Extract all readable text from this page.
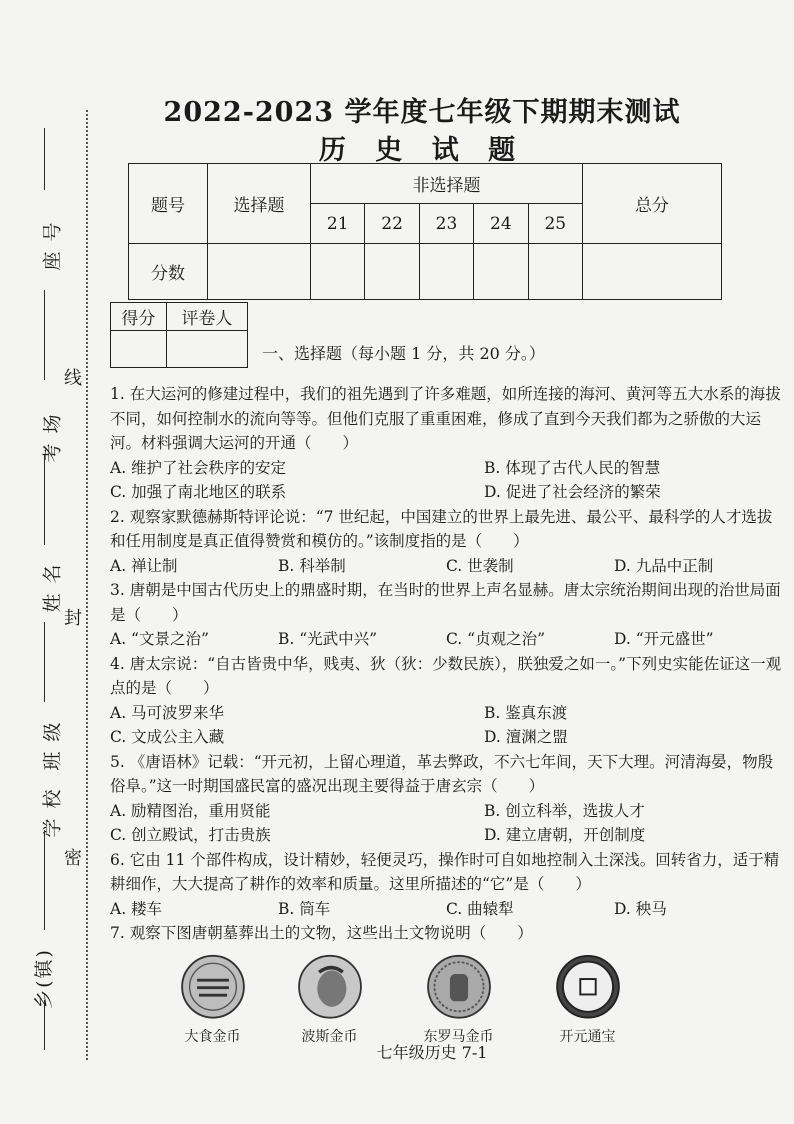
座号
考场
姓名
班级
学校
乡(镇)
线
封
密
2022-2023 学年度七年级下期期末测试
历 史 试 题
题号	选择题	非选择题					总分
		21	22	23	24	25	
分数							
得分	评卷人

一、选择题（每小题 1 分，共 20 分。）

1. 在大运河的修建过程中，我们的祖先遇到了许多难题，如所连接的海河、黄河等五大水系的海拔不同，如何控制水的流向等等。但他们克服了重重困难，修成了直到今天我们都为之骄傲的大运河。材料强调大运河的开通（　　）

A. 维护了社会秩序的安定	B. 体现了古代人民的智慧
C. 加强了南北地区的联系	D. 促进了社会经济的繁荣

2. 观察家默德赫斯特评论说：“7 世纪起，中国建立的世界上最先进、最公平、最科学的人才选拔和任用制度是真正值得赞赏和模仿的。”该制度指的是（　　）

A. 禅让制	B. 科举制	C. 世袭制	D. 九品中正制

3. 唐朝是中国古代历史上的鼎盛时期，在当时的世界上声名显赫。唐太宗统治期间出现的治世局面是（　　）

A. “文景之治”	B. “光武中兴”	C. “贞观之治”	D. “开元盛世”

4. 唐太宗说：“自古皆贵中华，贱夷、狄（狄：少数民族），朕独爱之如一。”下列史实能佐证这一观点的是（　　）

A. 马可波罗来华	B. 鉴真东渡
C. 文成公主入藏	D. 澶渊之盟

5. 《唐语林》记载：“开元初，上留心理道，革去弊政，不六七年间，天下大理。河清海晏，物殷俗阜。”这一时期国盛民富的盛况出现主要得益于唐玄宗（　　）

A. 励精图治，重用贤能	B. 创立科举，选拔人才
C. 创立殿试，打击贵族	D. 建立唐朝，开创制度

6. 它由 11 个部件构成，设计精妙，轻便灵巧，操作时可自如地控制入土深浅。回转省力，适于精耕细作，大大提高了耕作的效率和质量。这里所描述的“它”是（　　）

A. 耧车	B. 筒车	C. 曲辕犁	D. 秧马

7. 观察下图唐朝墓葬出土的文物，这些出土文物说明（　　）

大食金币	波斯金币	东罗马金币	开元通宝
七年级历史 7-1
